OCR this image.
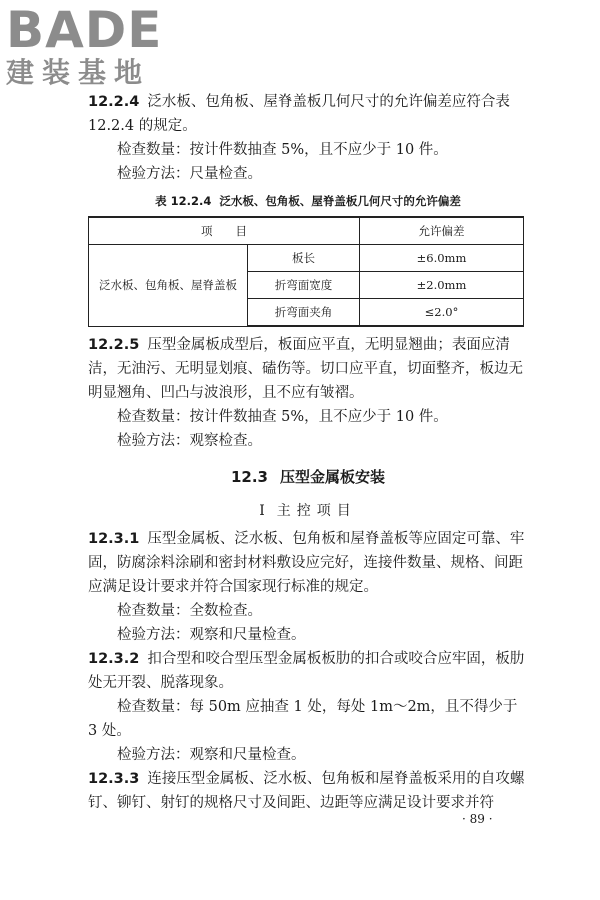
BADE
建装基地

12.2.4 泛水板、包角板、屋脊盖板几何尺寸的允许偏差应符合表12.2.4 的规定。

检查数量：按计件数抽查 5%，且不应少于 10 件。

检验方法：尺量检查。

表 12.2.4 泛水板、包角板、屋脊盖板几何尺寸的允许偏差
项　　目		允许偏差
泛水板、包角板、屋脊盖板	板长	±6.0mm
	折弯面宽度	±2.0mm
	折弯面夹角	≤2.0°

12.2.5 压型金属板成型后，板面应平直，无明显翘曲；表面应清洁，无油污、无明显划痕、磕伤等。切口应平直，切面整齐，板边无明显翘角、凹凸与波浪形，且不应有皱褶。

检查数量：按计件数抽查 5%，且不应少于 10 件。

检验方法：观察检查。

12.3 压型金属板安装
Ⅰ 主控项目

12.3.1 压型金属板、泛水板、包角板和屋脊盖板等应固定可靠、牢固，防腐涂料涂刷和密封材料敷设应完好，连接件数量、规格、间距应满足设计要求并符合国家现行标准的规定。

检查数量：全数检查。

检验方法：观察和尺量检查。

12.3.2 扣合型和咬合型压型金属板板肋的扣合或咬合应牢固，板肋处无开裂、脱落现象。

检查数量：每 50m 应抽查 1 处，每处 1m～2m，且不得少于 3 处。

检验方法：观察和尺量检查。

12.3.3 连接压型金属板、泛水板、包角板和屋脊盖板采用的自攻螺钉、铆钉、射钉的规格尺寸及间距、边距等应满足设计要求并符

· 89 ·
